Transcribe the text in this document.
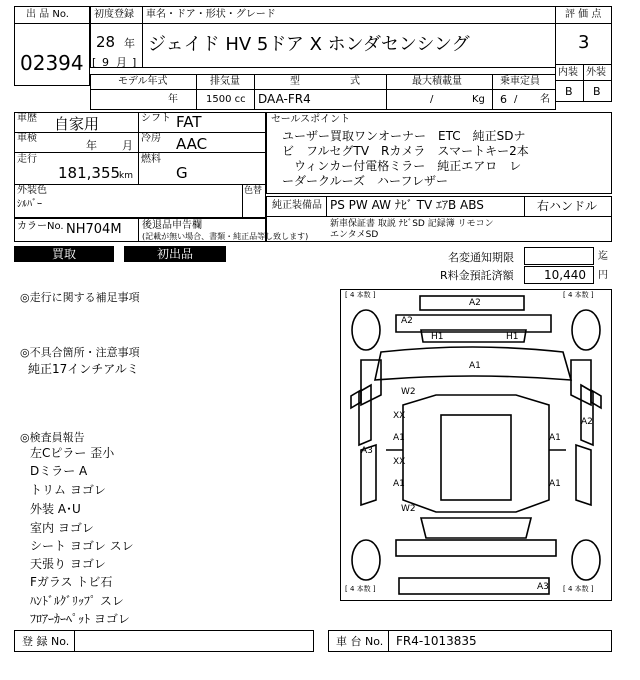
出 品 No.
02394
初度登録 車名・ドア・形状・グレード
28 年
[ 9 月 ]
ジェイド HV 5ドア X ホンダセンシング
評 価 点
3
内装 外装
B B
モデル年式
年
排気量
1500 cc
型	式
DAA-FR4
最大積載量
/	Kg
乗車定員
6 / 名
車歴 自家用	シフト FAT
車検
年 月
冷房 AAC
走行
181,355
km
燃料
G
外装色
ｼﾙﾊﾞｰ
色替
カラーNo. NH704M 後退品申告欄
(記載が無い場合、書類・純正品等し致します)
セールスポイント
ユーザー買取ワンオーナー　ETC　純正SDナ
ビ　フルセグTV　Rカメラ　スマートキー2本
　ウィンカー付電格ミラー　純正エアロ　レ
ーダークルーズ　ハーフレザー
純正装備品 PS PW AW ﾅﾋﾞ TV ｴｱB ABS	右ハンドル
新車保証書 取説 ﾅﾋﾞSD 記録簿 リモコン
エンタメSD
買取	初出品	名変通知期限	迄
R料金預託済額	10,440 円
◎走行に関する補足事項
◎不具合箇所・注意事項
純正17インチアルミ
◎検査員報告
左Cピラー 歪小
Dミラー A
トリム ヨゴレ
外装 A･U
室内 ヨゴレ
シート ヨゴレ スレ
天張り ヨゴレ
Fガラス トビ石
ﾊﾝﾄﾞﾙｸﾞﾘｯﾌﾟ スレ
ﾌﾛｱｰｶｰﾍﾟｯﾄ ヨゴレ
[ 4 本数 ]	[ 4 本数 ]
[ 4 本数 ]	[ 4 本数 ]
A2
A2
H1	H1
A1
W2
XX
A1
XX
A1
A3
A1
A1
A2
W2
A3
登 録 No.	車 台 No. FR4-1013835
